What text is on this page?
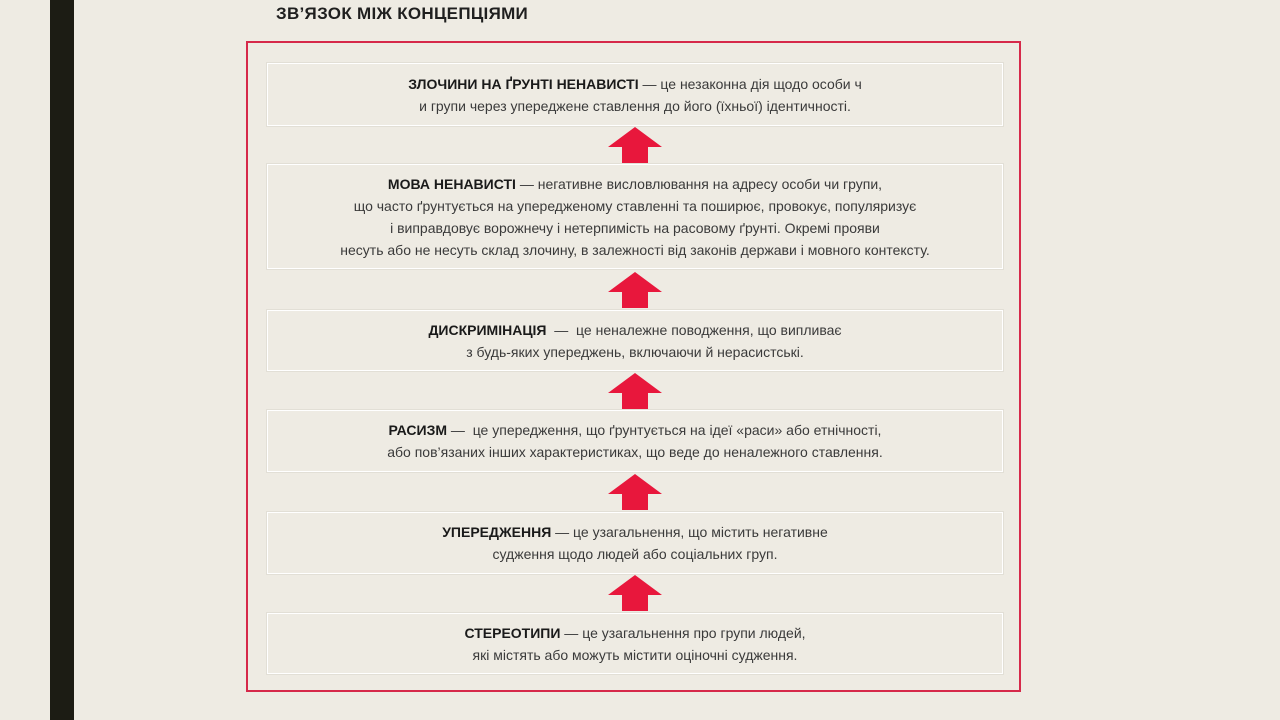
ЗВ’ЯЗОК МІЖ КОНЦЕПЦІЯМИ
ЗЛОЧИНИ НА ҐРУНТІ НЕНАВИСТІ — це незаконна дія щодо особи ч
и групи через упереджене ставлення до його (їхньої) ідентичності.
МОВА НЕНАВИСТІ — негативне висловлювання на адресу особи чи групи,
що часто ґрунтується на упередженому ставленні та поширює, провокує, популяризує
і виправдовує ворожнечу і нетерпимість на расовому ґрунті. Окремі прояви
несуть або не несуть склад злочину, в залежності від законів держави і мовного контексту.
ДИСКРИМІНАЦІЯ  —  це неналежне поводження, що випливає
з будь-яких упереджень, включаючи й нерасистські.
РАСИЗМ —  це упередження, що ґрунтується на ідеї «раси» або етнічності,
або пов’язаних інших характеристиках, що веде до неналежного ставлення.
УПЕРЕДЖЕННЯ — це узагальнення, що містить негативне
судження щодо людей або соціальних груп.
СТЕРЕОТИПИ — це узагальнення про групи людей,
які містять або можуть містити оціночні судження.
